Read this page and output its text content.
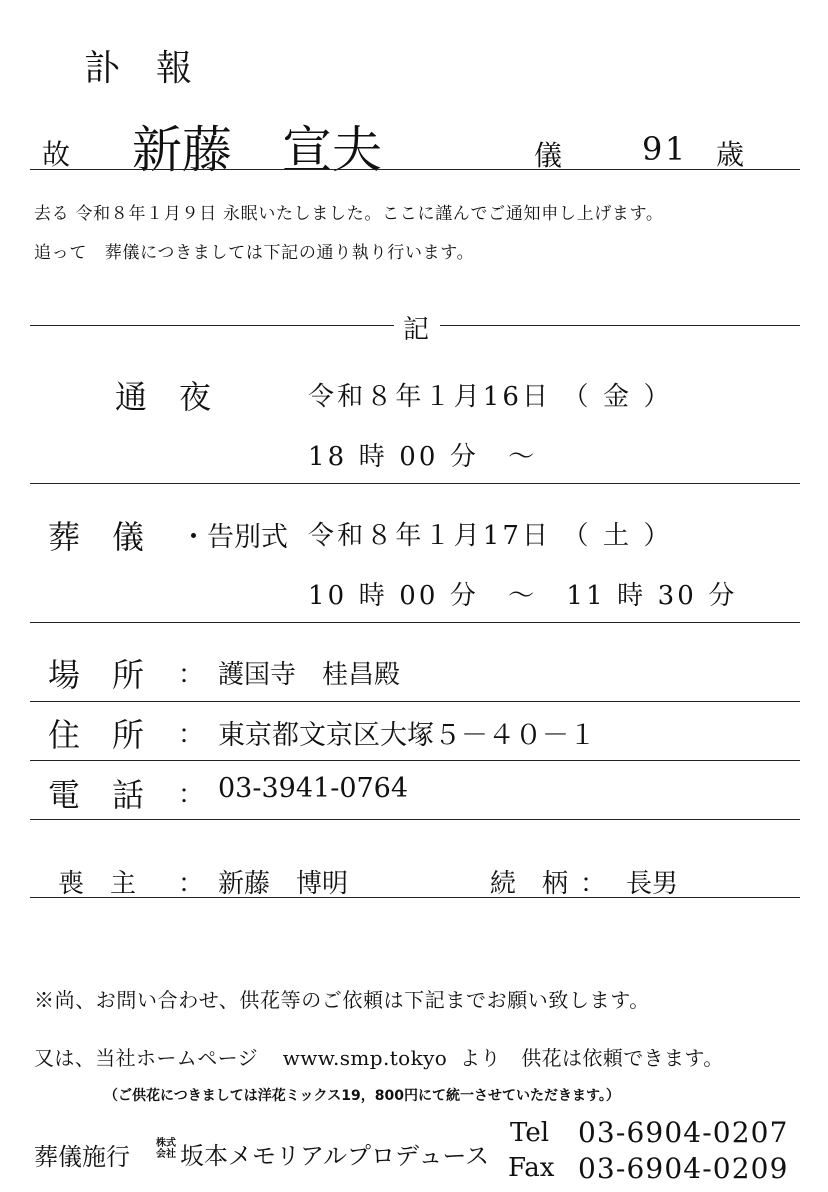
訃　報
故 新藤　宣夫	儀 91 歳
去る 令和８年１月９日 永眠いたしました。ここに謹んでご通知申し上げます。
追って　葬儀につきましては下記の通り執り行います。
記
通　夜	令和８年１月16日 （ 金 ）
18 時 00 分　～
葬　儀 ・告別式 令和８年１月17日 （ 土 ）
10 時 00 分　～　11 時 30 分
場　所 ： 護国寺　桂昌殿
住　所 ： 東京都文京区大塚５－４０－１
電　話 ： 03-3941-0764
喪　主 ： 新藤　博明	続　柄 ： 長男
※尚、お問い合わせ、供花等のご依頼は下記までお願い致します。
又は、当社ホームページ www.smp.tokyo より　供花は依頼できます。
（ご供花につきましては洋花ミックス19，800円にて統一させていただきます。）
葬儀施行	株式
会社 坂本メモリアルプロデュース
Tel 03-6904-0207
Fax 03-6904-0209
